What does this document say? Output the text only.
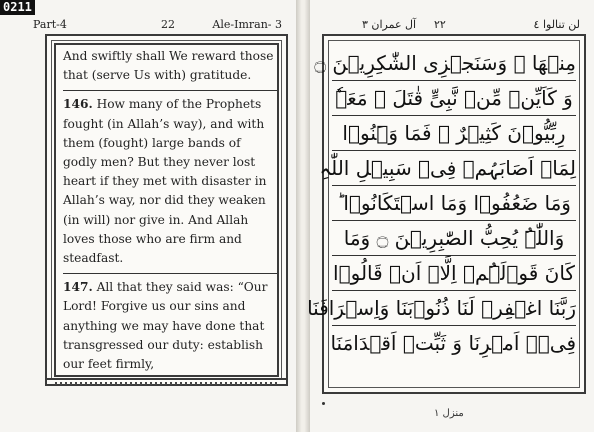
0211
Part-4	22	Ale-Imran- 3

And swiftly shall We reward those that (serve Us with) gratitude.

146. How many of the Prophets fought (in Allah’s way), and with them (fought) large bands of godly men? But they never lost heart if they met with disaster in Allah’s way, nor did they weaken (in will) nor give in. And Allah loves those who are firm and steadfast.

147. All that they said was: “Our Lord! Forgive us our sins and anything we may have done that transgressed our duty: establish our feet firmly,

لن تنالوا ٤
٢٢
آل عمران ٣
مِنۡهَا ۚ وَسَنَجۡزِی الشّٰکِرِیۡنَ ۝
وَ کَاَیِّنۡ مِّنۡ نَّبِیٍّ قٰتَلَ ۙ مَعَہٗ
رِبِّیُّوۡنَ کَثِیۡرٌ ۚ فَمَا وَہَنُوۡا
لِمَاۤ اَصَابَہُمۡ فِیۡ سَبِیۡلِ اللّٰہِ
وَمَا ضَعُفُوۡا وَمَا اسۡتَکَانُوۡا ؕ
وَاللّٰہُ یُحِبُّ الصّٰبِرِیۡنَ ۝ وَمَا
کَانَ قَوۡلَہُمۡ اِلَّاۤ اَنۡ قَالُوۡا
رَبَّنَا اغۡفِرۡ لَنَا ذُنُوۡبَنَا وَاِسۡرَافَنَا
فِیۡۤ اَمۡرِنَا وَ ثَبِّتۡ اَقۡدَامَنَا
منزل ١
